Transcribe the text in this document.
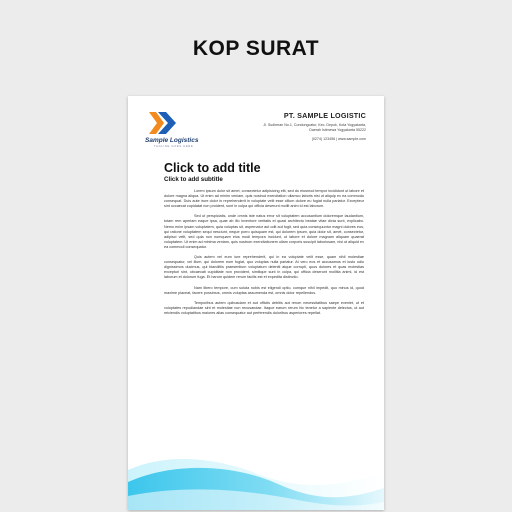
KOP SURAT
Sample Logistics
TAGLINE GOES HERE
PT. SAMPLE LOGISTIC
Jl. Sudirman No.1, Condongcatur, Kec. Depok, Kota Yogyakarta,
Daerah Istimewa Yogyakarta 55222
(0274) 123456 | www.sample.com
Click to add title
Click to add subtitle

Lorem ipsum dolor sit amet, consectetur adipisicing elit, sed do eiusmod tempor incididunt ut labore et dolore magna aliqua. Ut enim ad minim veniam, quis nostrud exercitation ullamco laboris nisi ut aliquip ex ea commodo consequat. Duis aute irure dolor in reprehenderit in voluptate velit esse cillum dolore eu fugiat nulla pariatur. Excepteur sint occaecat cupidatat non proident, sunt in culpa qui officia deserunt mollit anim id est laborum.

Sed ut perspiciatis, unde omnis iste natus error sit voluptatem accusantium doloremque laudantium, totam rem aperiam eaque ipsa, quae ab illo inventore veritatis et quasi architecto beatae vitae dicta sunt, explicabo. Nemo enim ipsam voluptatem, quia voluptas sit, aspernatur aut odit aut fugit, sed quia consequuntur magni dolores eos, qui ratione voluptatem sequi nesciunt, neque porro quisquam est, qui dolorem ipsum, quia dolor sit, amet, consectetur, adipisci velit, sed quia non numquam eius modi tempora incidunt, ut labore et dolore magnam aliquam quaerat voluptatem. Ut enim ad minima veniam, quis nostrum exercitationem ullam corporis suscipit laboriosam, nisi ut aliquid ex ea commodi consequatur.

Quis autem vel eum iure reprehenderit, qui in ea voluptate velit esse, quam nihil molestiae consequatur, vel illum, qui dolorem eum fugiat, quo voluptas nulla pariatur. At vero eos et accusamus et iusto odio dignissimos ducimus, qui blanditiis praesentium voluptatum deleniti atque corrupti, quos dolores et quas molestias excepturi sint, obcaecati cupiditate non provident, similique sunt in culpa, qui officia deserunt mollitia animi, id est laborum et dolorum fuga. Et harum quidem rerum facilis est et expedita distinctio.

Nam libero tempore, cum soluta nobis est eligendi optio, cumque nihil impedit, quo minus id, quod maxime placeat, facere possimus, omnis voluptas assumenda est, omnis dolor repellendus.

Temporibus autem quibusdam et aut officiis debitis aut rerum necessitatibus saepe eveniet, ut et voluptates repudiandae sint et molestiae non recusandae. Itaque earum rerum hic tenetur a sapiente delectus, ut aut reiciendis voluptatibus maiores alias consequatur aut perferendis doloribus asperiores repellat.
